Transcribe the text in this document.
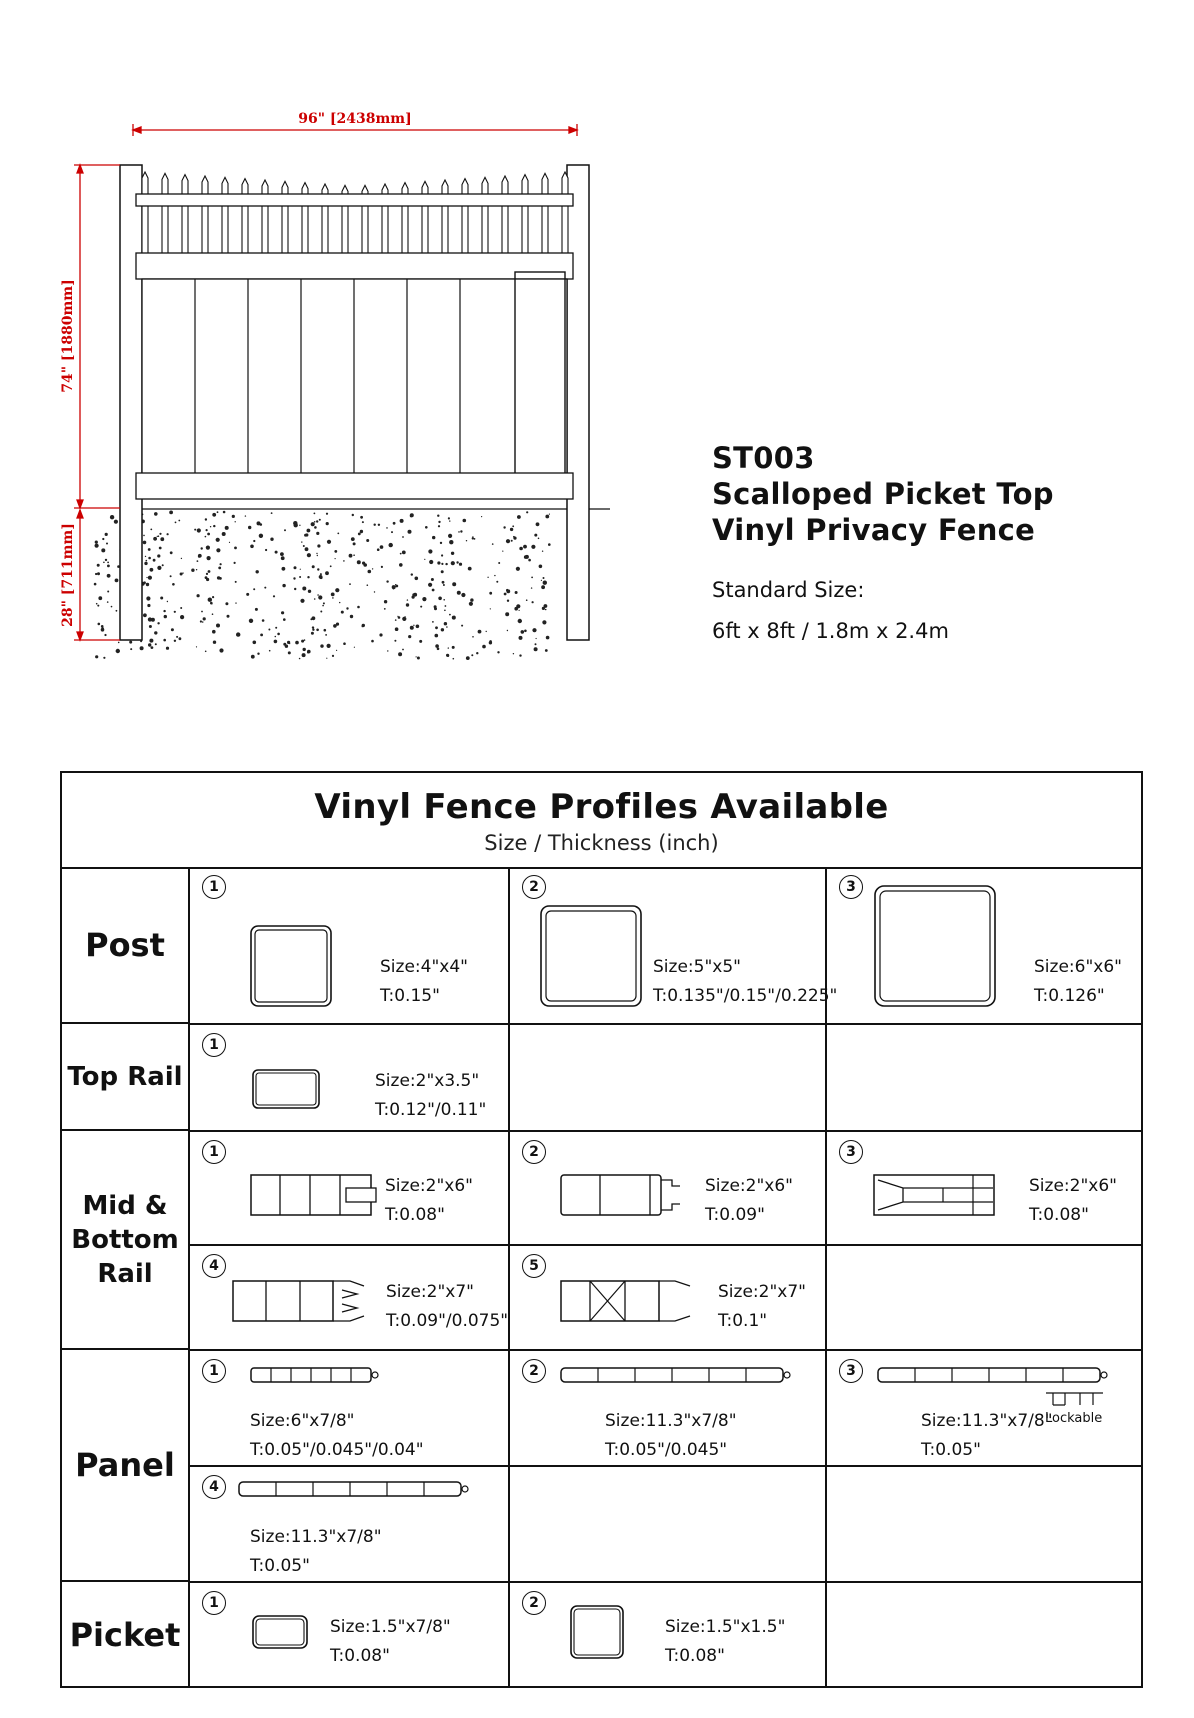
96" [2438mm]
74" [1880mm]
28" [711mm]
ST003
Scalloped Picket Top
Vinyl Privacy Fence
Standard Size:
6ft x 8ft / 1.8m x 2.4m
Vinyl Fence Profiles Available
Size / Thickness (inch)
Post
Top Rail
Mid & Bottom Rail
Panel
Picket
1
Size:4"x4"
T:0.15"
2
Size:5"x5"
T:0.135"/0.15"/0.225"
3
Size:6"x6"
T:0.126"
1
Size:2"x3.5"
T:0.12"/0.11"
1
Size:2"x6"
T:0.08"
2
Size:2"x6"
T:0.09"
3
Size:2"x6"
T:0.08"
4
Size:2"x7"
T:0.09"/0.075"
5
Size:2"x7"
T:0.1"
1
Size:6"x7/8"
T:0.05"/0.045"/0.04"
2
Size:11.3"x7/8"
T:0.05"/0.045"
3
Lockable
Size:11.3"x7/8"
T:0.05"
4
Size:11.3"x7/8"
T:0.05"
1
Size:1.5"x7/8"
T:0.08"
2
Size:1.5"x1.5"
T:0.08"
